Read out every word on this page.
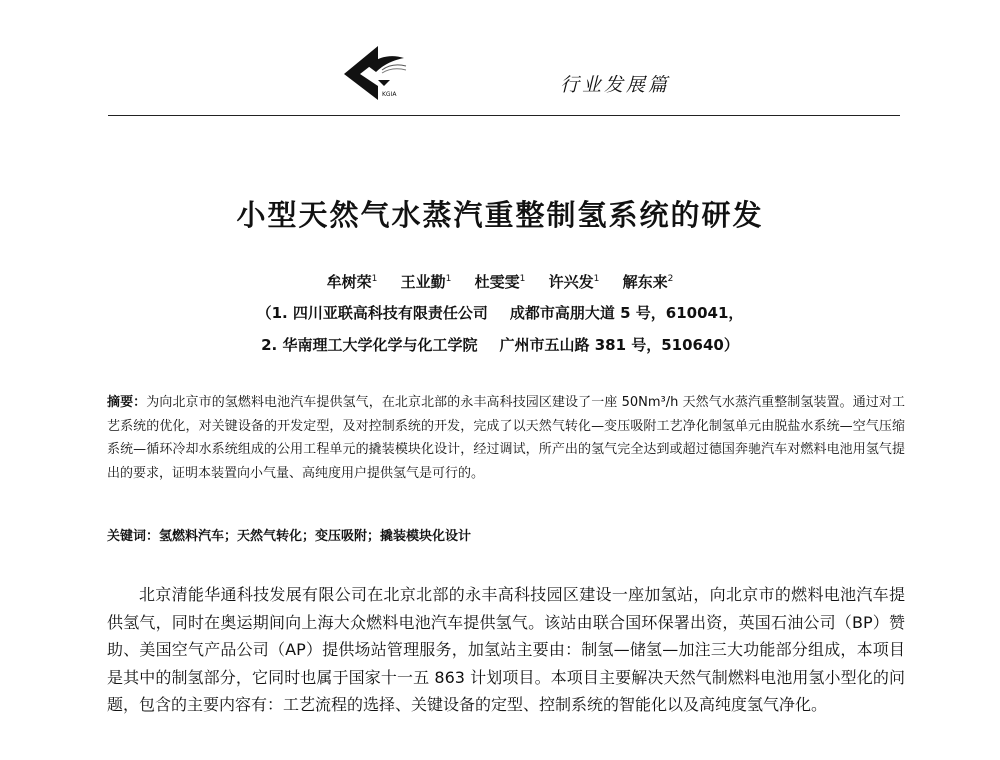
KGIA	行业发展篇
小型天然气水蒸汽重整制氢系统的研发
牟树荣$^1$ 王业勤$^1$ 杜雯雯$^1$ 许兴发$^1$ 解东来$^2$
（1. 四川亚联高科技有限责任公司 成都市高朋大道 5 号，610041，
2. 华南理工大学化学与化工学院 广州市五山路 381 号，510640）
摘要：为向北京市的氢燃料电池汽车提供氢气，在北京北部的永丰高科技园区建设了一座 50Nm³/h 天然气水蒸汽重整制氢装置。通过对工艺系统的优化，对关键设备的开发定型，及对控制系统的开发，完成了以天然气转化—变压吸附工艺净化制氢单元由脱盐水系统—空气压缩系统—循环冷却水系统组成的公用工程单元的撬装模块化设计，经过调试，所产出的氢气完全达到或超过德国奔驰汽车对燃料电池用氢气提出的要求，证明本装置向小气量、高纯度用户提供氢气是可行的。
关键词：氢燃料汽车；天然气转化；变压吸附；撬装模块化设计
北京清能华通科技发展有限公司在北京北部的永丰高科技园区建设一座加氢站，向北京市的燃料电池汽车提供氢气，同时在奥运期间向上海大众燃料电池汽车提供氢气。该站由联合国环保署出资，英国石油公司（BP）赞助、美国空气产品公司（AP）提供场站管理服务，加氢站主要由：制氢—储氢—加注三大功能部分组成，本项目是其中的制氢部分，它同时也属于国家十一五 863 计划项目。本项目主要解决天然气制燃料电池用氢小型化的问题，包含的主要内容有：工艺流程的选择、关键设备的定型、控制系统的智能化以及高纯度氢气净化。
